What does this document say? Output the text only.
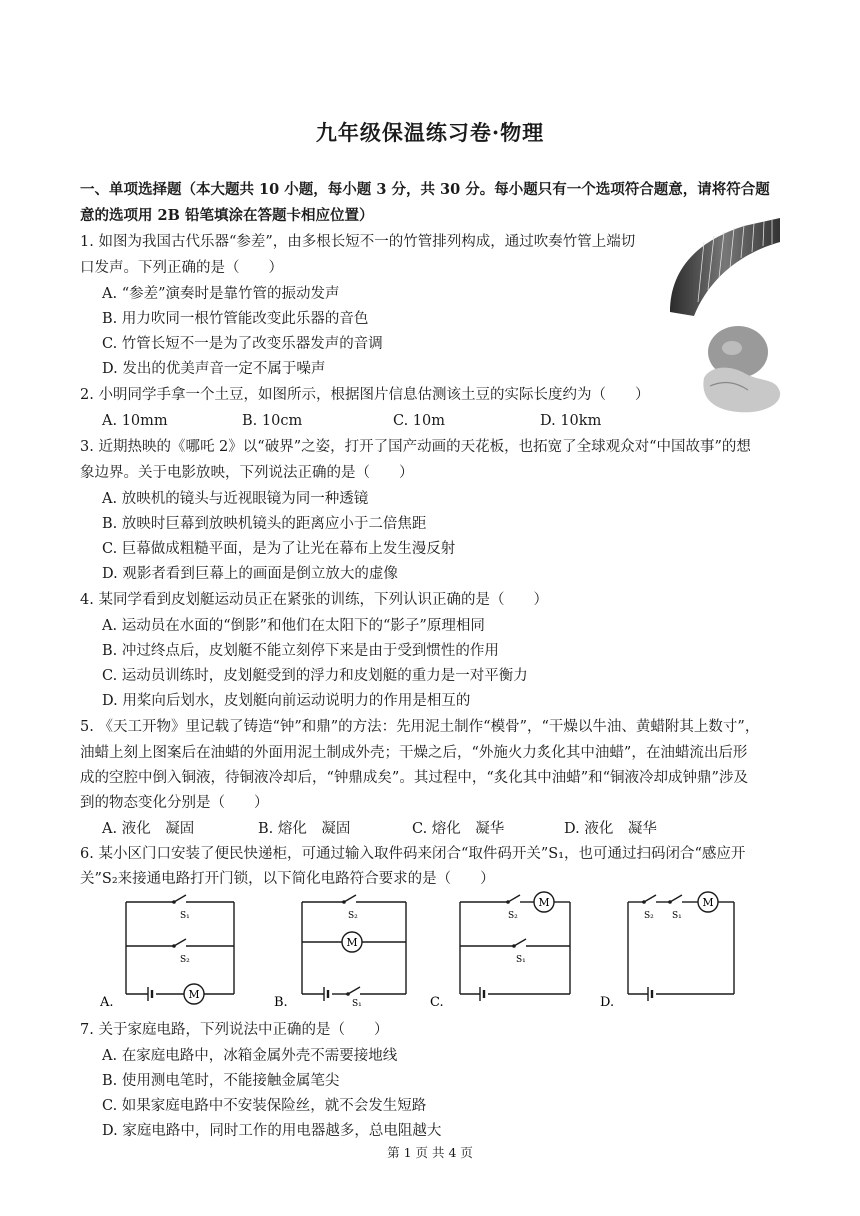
九年级保温练习卷·物理
一、单项选择题（本大题共 10 小题，每小题 3 分，共 30 分。每小题只有一个选项符合题意，请将符合题
意的选项用 2B 铅笔填涂在答题卡相应位置）
1. 如图为我国古代乐器“参差”，由多根长短不一的竹管排列构成，通过吹奏竹管上端切
口发声。下列正确的是（　　）
A. “参差”演奏时是靠竹管的振动发声
B. 用力吹同一根竹管能改变此乐器的音色
C. 竹管长短不一是为了改变乐器发声的音调
D. 发出的优美声音一定不属于噪声
2. 小明同学手拿一个土豆，如图所示，根据图片信息估测该土豆的实际长度约为（　　）
A. 10mm	B. 10cm	C. 10m	D. 10km
3. 近期热映的《哪吒 2》以“破界”之姿，打开了国产动画的天花板，也拓宽了全球观众对“中国故事”的想
象边界。关于电影放映，下列说法正确的是（　　）
A. 放映机的镜头与近视眼镜为同一种透镜
B. 放映时巨幕到放映机镜头的距离应小于二倍焦距
C. 巨幕做成粗糙平面，是为了让光在幕布上发生漫反射
D. 观影者看到巨幕上的画面是倒立放大的虚像
4. 某同学看到皮划艇运动员正在紧张的训练，下列认识正确的是（　　）
A. 运动员在水面的“倒影”和他们在太阳下的“影子”原理相同
B. 冲过终点后，皮划艇不能立刻停下来是由于受到惯性的作用
C. 运动员训练时，皮划艇受到的浮力和皮划艇的重力是一对平衡力
D. 用桨向后划水，皮划艇向前运动说明力的作用是相互的
5. 《天工开物》里记载了铸造“钟”和鼎”的方法：先用泥土制作“模骨”，“干燥以牛油、黄蜡附其上数寸”，
油蜡上刻上图案后在油蜡的外面用泥土制成外壳；干燥之后，“外施火力炙化其中油蜡”，在油蜡流出后形
成的空腔中倒入铜液，待铜液冷却后，“钟鼎成矣”。其过程中，“炙化其中油蜡”和“铜液冷却成钟鼎”涉及
到的物态变化分别是（　　）
A. 液化　凝固	B. 熔化　凝固	C. 熔化　凝华	D. 液化　凝华
6. 某小区门口安装了便民快递柜，可通过输入取件码来闭合“取件码开关”S₁，也可通过扫码闭合“感应开
关”S₂来接通电路打开门锁，以下简化电路符合要求的是（　　）
S₁
S₂
M
A.
S₂
M
S₁
B.
S₂
M
S₁
C.
S₂ S₁
M
D.
7. 关于家庭电路，下列说法中正确的是（　　）
A. 在家庭电路中，冰箱金属外壳不需要接地线
B. 使用测电笔时，不能接触金属笔尖
C. 如果家庭电路中不安装保险丝，就不会发生短路
D. 家庭电路中，同时工作的用电器越多，总电阻越大
第 1 页 共 4 页
